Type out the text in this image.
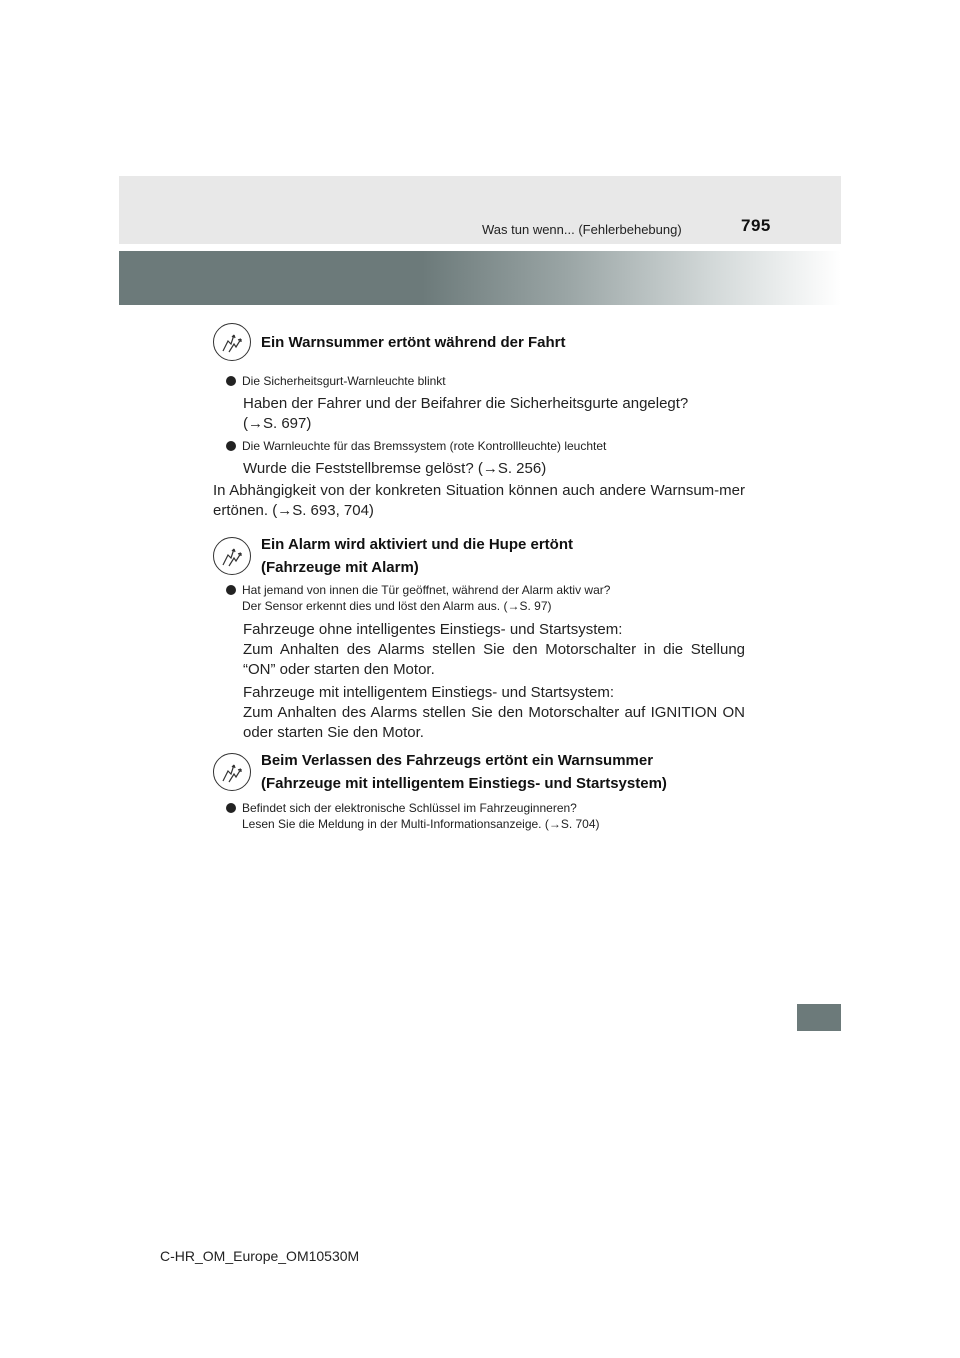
Was tun wenn... (Fehlerbehebung)	795
Ein Warnsummer ertönt während der Fahrt
Die Sicherheitsgurt-Warnleuchte blinkt
Haben der Fahrer und der Beifahrer die Sicherheitsgurte angelegt?
(→S. 697)
Die Warnleuchte für das Bremssystem (rote Kontrollleuchte) leuchtet
Wurde die Feststellbremse gelöst? (→S. 256)
In Abhängigkeit von der konkreten Situation können auch andere Warnsum-mer ertönen. (→S. 693, 704)
Ein Alarm wird aktiviert und die Hupe ertönt
(Fahrzeuge mit Alarm)
Hat jemand von innen die Tür geöffnet, während der Alarm aktiv war?
Der Sensor erkennt dies und löst den Alarm aus. (→S. 97)
Fahrzeuge ohne intelligentes Einstiegs- und Startsystem:
Zum Anhalten des Alarms stellen Sie den Motorschalter in die Stellung “ON” oder starten den Motor.
Fahrzeuge mit intelligentem Einstiegs- und Startsystem:
Zum Anhalten des Alarms stellen Sie den Motorschalter auf IGNITION ON oder starten Sie den Motor.
Beim Verlassen des Fahrzeugs ertönt ein Warnsummer
(Fahrzeuge mit intelligentem Einstiegs- und Startsystem)
Befindet sich der elektronische Schlüssel im Fahrzeuginneren?
Lesen Sie die Meldung in der Multi-Informationsanzeige. (→S. 704)
C-HR_OM_Europe_OM10530M
